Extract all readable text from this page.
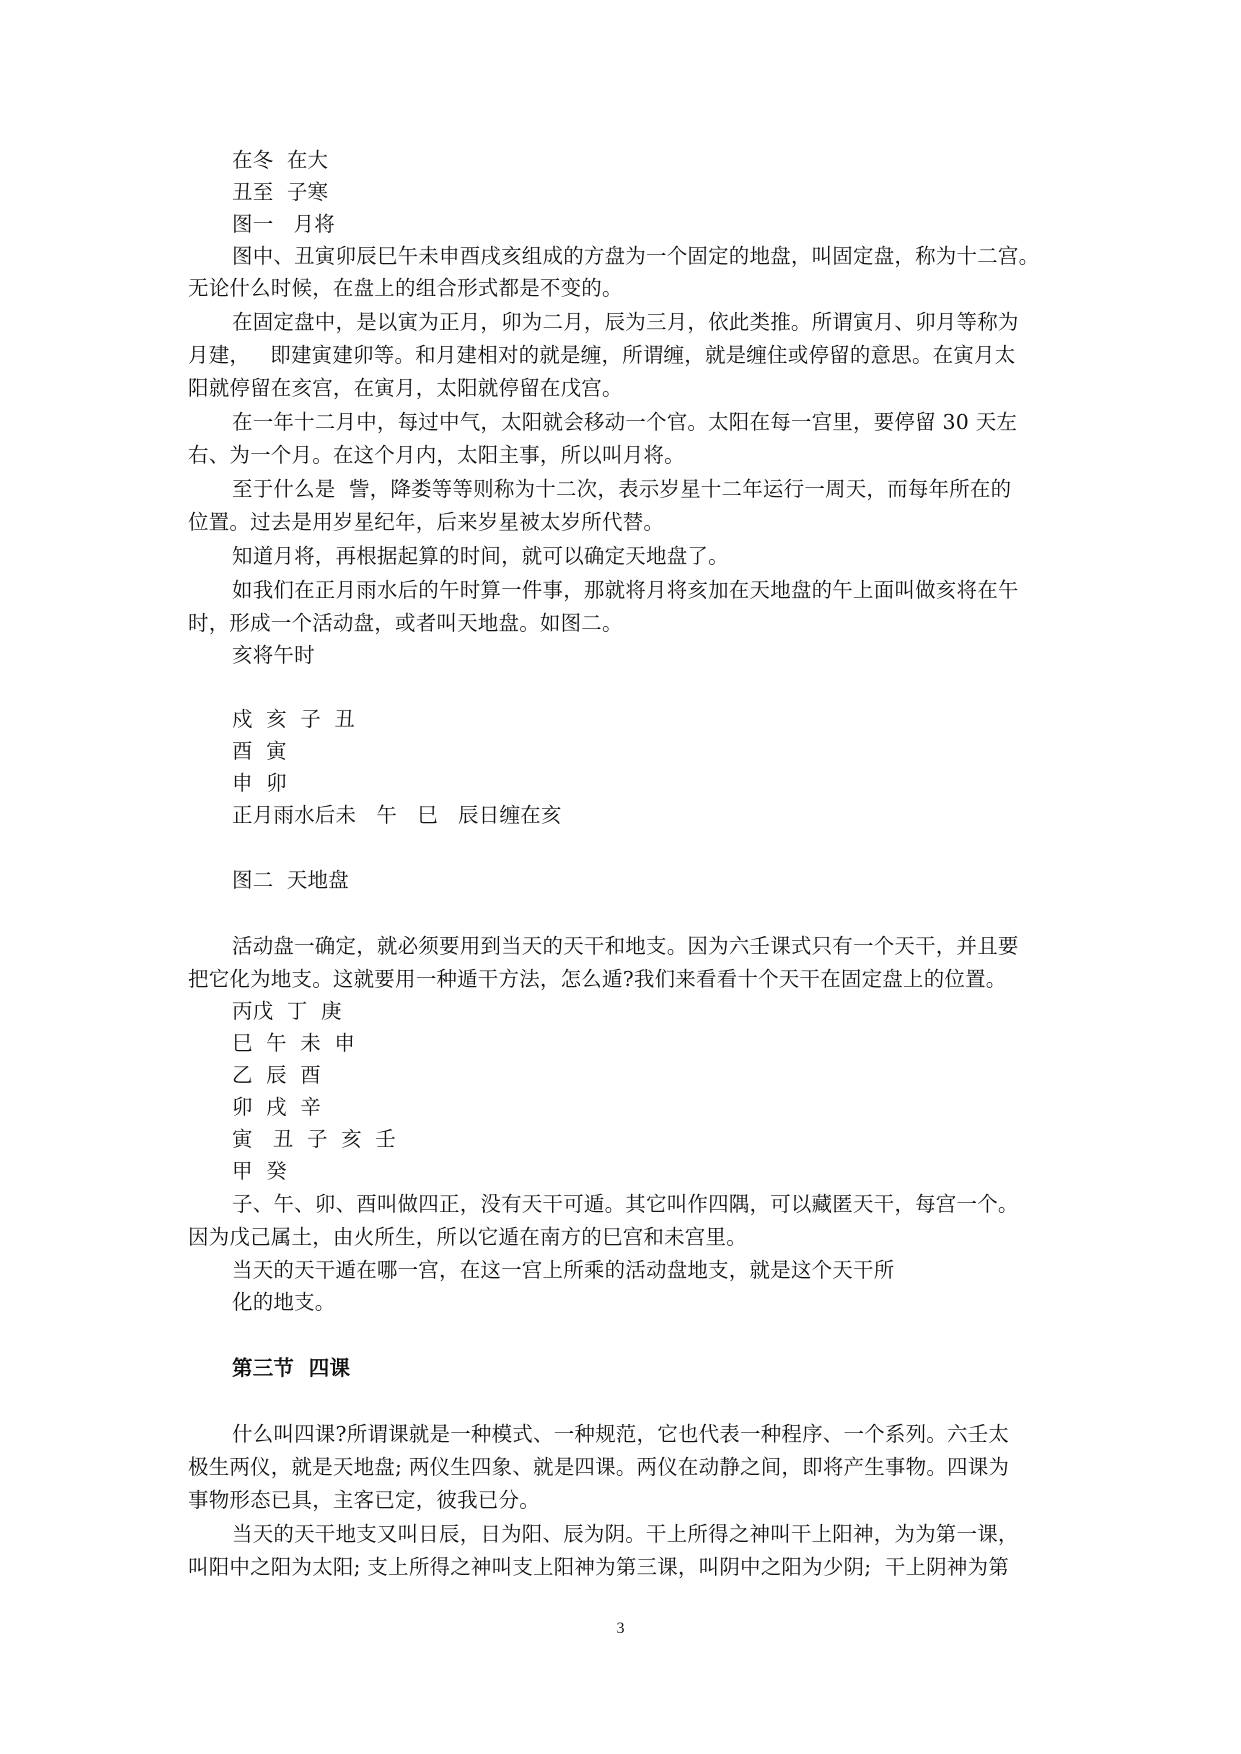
在冬  在大
丑至  子寒
图一   月将
图中、丑寅卯辰巳午未申酉戌亥组成的方盘为一个固定的地盘，叫固定盘，称为十二宫。
无论什么时候，在盘上的组合形式都是不变的。
在固定盘中，是以寅为正月，卯为二月，辰为三月，依此类推。所谓寅月、卯月等称为
月建，   即建寅建卯等。和月建相对的就是缠，所谓缠，就是缠住或停留的意思。在寅月太
阳就停留在亥宫，在寅月，太阳就停留在戊宫。
在一年十二月中，每过中气，太阳就会移动一个官。太阳在每一宫里，要停留 30 天左
右、为一个月。在这个月内，太阳主事，所以叫月将。
至于什么是  訾，降娄等等则称为十二次，表示岁星十二年运行一周天，而每年所在的
位置。过去是用岁星纪年，后来岁星被太岁所代替。
知道月将，再根据起算的时间，就可以确定天地盘了。
如我们在正月雨水后的午时算一件事，那就将月将亥加在天地盘的午上面叫做亥将在午
时，形成一个活动盘，或者叫天地盘。如图二。
亥将午时
戍  亥  子  丑
酉  寅
申  卯
正月雨水后未   午   巳   辰日缠在亥
图二  天地盘
活动盘一确定，就必须要用到当天的天干和地支。因为六壬课式只有一个天干，并且要
把它化为地支。这就要用一种遁干方法，怎么遁?我们来看看十个天干在固定盘上的位置。
丙戊  丁  庚
巳  午  未  申
乙  辰  酉
卯  戌  辛
寅   丑  子  亥  壬
甲  癸
子、午、卯、酉叫做四正，没有天干可遁。其它叫作四隅，可以藏匿天干，每宫一个。
因为戊己属土，由火所生，所以它遁在南方的巳宫和未宫里。
当天的天干遁在哪一宫，在这一宫上所乘的活动盘地支，就是这个天干所
化的地支。
第三节  四课
什么叫四课?所谓课就是一种模式、一种规范，它也代表一种程序、一个系列。六壬太
极生两仪，就是天地盘; 两仪生四象、就是四课。两仪在动静之间，即将产生事物。四课为
事物形态已具，主客已定，彼我已分。
当天的天干地支又叫日辰，日为阳、辰为阴。干上所得之神叫干上阳神，为为第一课，
叫阳中之阳为太阳; 支上所得之神叫支上阳神为第三课，叫阴中之阳为少阴;  干上阴神为第
3
